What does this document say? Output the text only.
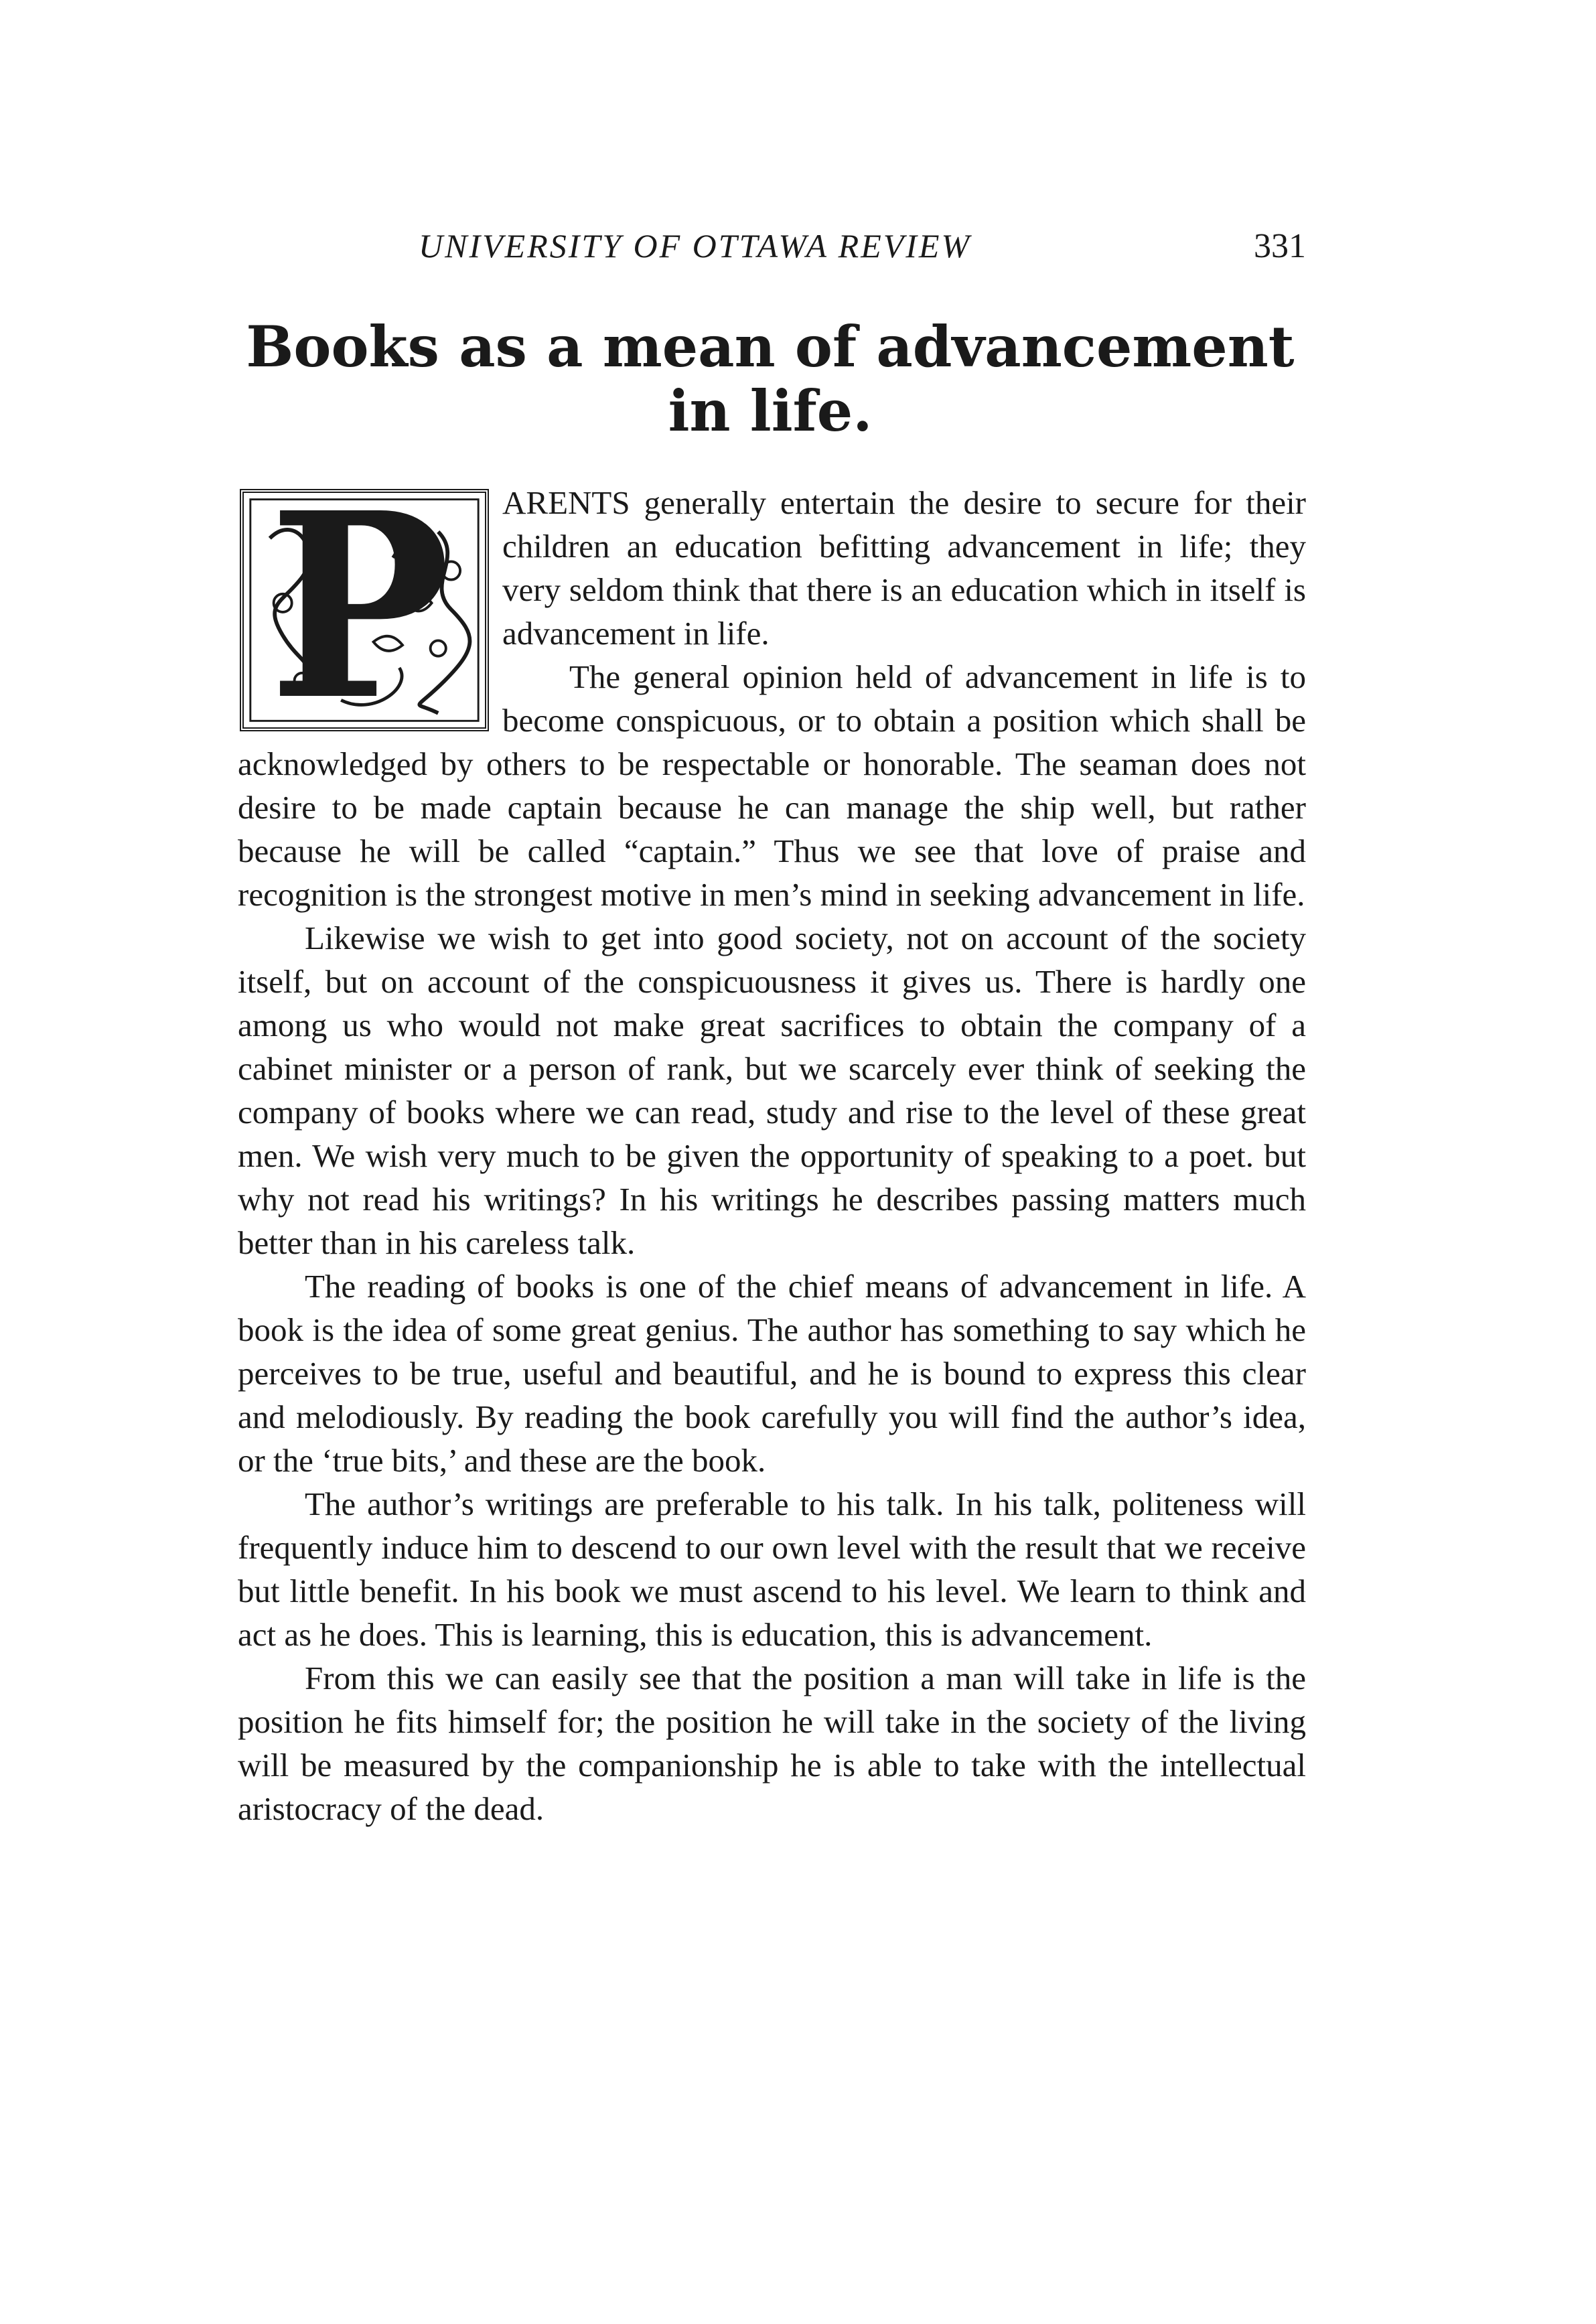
UNIVERSITY OF OTTAWA REVIEW	331
Books as a mean of advancement
in life.

ARENTS generally entertain the desire to secure for their children an education befitting advancement in life; they very seldom think that there is an education which in itself is advancement in life.

The general opinion held of advancement in life is to become conspicuous, or to obtain a position which shall be acknowledged by others to be respectable or honorable. The seaman does not desire to be made captain because he can manage the ship well, but rather because he will be called “captain.” Thus we see that love of praise and recognition is the strongest motive in men’s mind in seeking advancement in life.

Likewise we wish to get into good society, not on account of the society itself, but on account of the conspicuousness it gives us. There is hardly one among us who would not make great sacrifices to obtain the company of a cabinet minister or a person of rank, but we scarcely ever think of seeking the company of books where we can read, study and rise to the level of these great men. We wish very much to be given the opportunity of speaking to a poet. but why not read his writings? In his writings he describes passing matters much better than in his careless talk.

The reading of books is one of the chief means of advancement in life. A book is the idea of some great genius. The author has something to say which he perceives to be true, useful and beautiful, and he is bound to express this clear and melodiously. By reading the book carefully you will find the author’s idea, or the ‘true bits,’ and these are the book.

The author’s writings are preferable to his talk. In his talk, politeness will frequently induce him to descend to our own level with the result that we receive but little benefit. In his book we must ascend to his level. We learn to think and act as he does. This is learning, this is education, this is advancement.

From this we can easily see that the position a man will take in life is the position he fits himself for; the position he will take in the society of the living will be measured by the companionship he is able to take with the intellectual aristocracy of the dead.

P
